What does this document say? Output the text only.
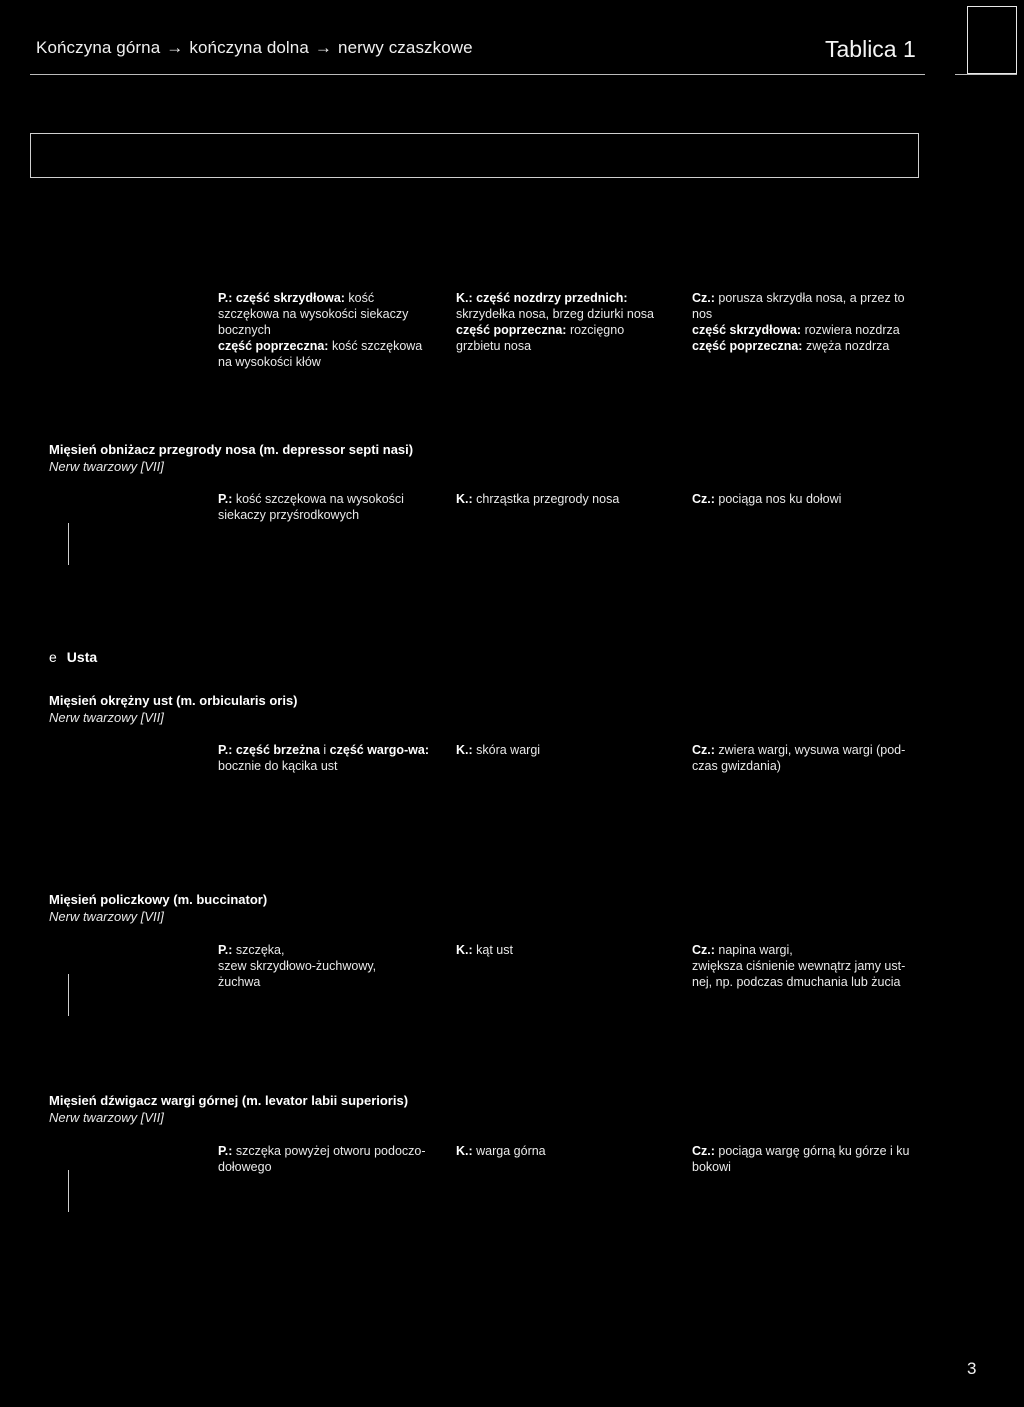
Kończyna górna → kończyna dolna → nerwy czaszkowe	Tablica 1
P.: część skrzydłowa: kość szczękowa na wysokości siekaczy bocznych
część poprzeczna: kość szczękowa na wysokości kłów
K.: część nozdrzy przednich: skrzydełka nosa, brzeg dziurki nosa
część poprzeczna: rozcięgno grzbietu nosa
Cz.: porusza skrzydła nosa, a przez to nos
część skrzydłowa: rozwiera nozdrza
część poprzeczna: zwęża nozdrza
Mięsień obniżacz przegrody nosa (m. depressor septi nasi)
Nerw twarzowy [VII]
P.: kość szczękowa na wysokości siekaczy przyśrodkowych
K.: chrząstka przegrody nosa	Cz.: pociąga nos ku dołowi
e Usta
Mięsień okrężny ust (m. orbicularis oris)
Nerw twarzowy [VII]
P.: część brzeżna i część wargo-wa: bocznie do kącika ust
K.: skóra wargi	Cz.: zwiera wargi, wysuwa wargi (pod-czas gwizdania)
Mięsień policzkowy (m. buccinator)
Nerw twarzowy [VII]
P.: szczęka,
szew skrzydłowo-żuchwowy,
żuchwa
K.: kąt ust	Cz.: napina wargi,
zwiększa ciśnienie wewnątrz jamy ust-nej, np. podczas dmuchania lub żucia
Mięsień dźwigacz wargi górnej (m. levator labii superioris)
Nerw twarzowy [VII]
P.: szczęka powyżej otworu podoczo-dołowego
K.: warga górna	Cz.: pociąga wargę górną ku górze i ku bokowi
3
